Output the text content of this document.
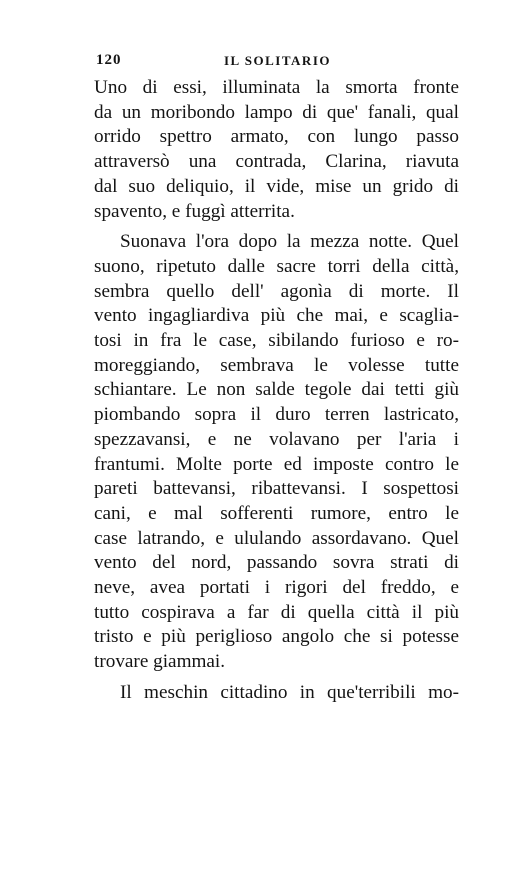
120	IL SOLITARIO

Uno di essi, illuminata la smorta fronte
da un moribondo lampo di que' fanali, qual
orrido spettro armato, con lungo passo
attraversò una contrada, Clarina, riavuta
dal suo deliquio, il vide, mise un grido di
spavento, e fuggì atterrita.

Suonava l'ora dopo la mezza notte. Quel
suono, ripetuto dalle sacre torri della città,
sembra quello dell' agonìa di morte. Il
vento ingagliardiva più che mai, e scaglia-
tosi in fra le case, sibilando furioso e ro-
moreggiando, sembrava le volesse tutte
schiantare. Le non salde tegole dai tetti giù
piombando sopra il duro terren lastricato,
spezzavansi, e ne volavano per l'aria i
frantumi. Molte porte ed imposte contro le
pareti battevansi, ribattevansi. I sospettosi
cani, e mal sofferenti rumore, entro le
case latrando, e ululando assordavano. Quel
vento del nord, passando sovra strati di
neve, avea portati i rigori del freddo, e
tutto cospirava a far di quella città il più
tristo e più periglioso angolo che si potesse
trovare giammai.

Il meschin cittadino in que'terribili mo-
